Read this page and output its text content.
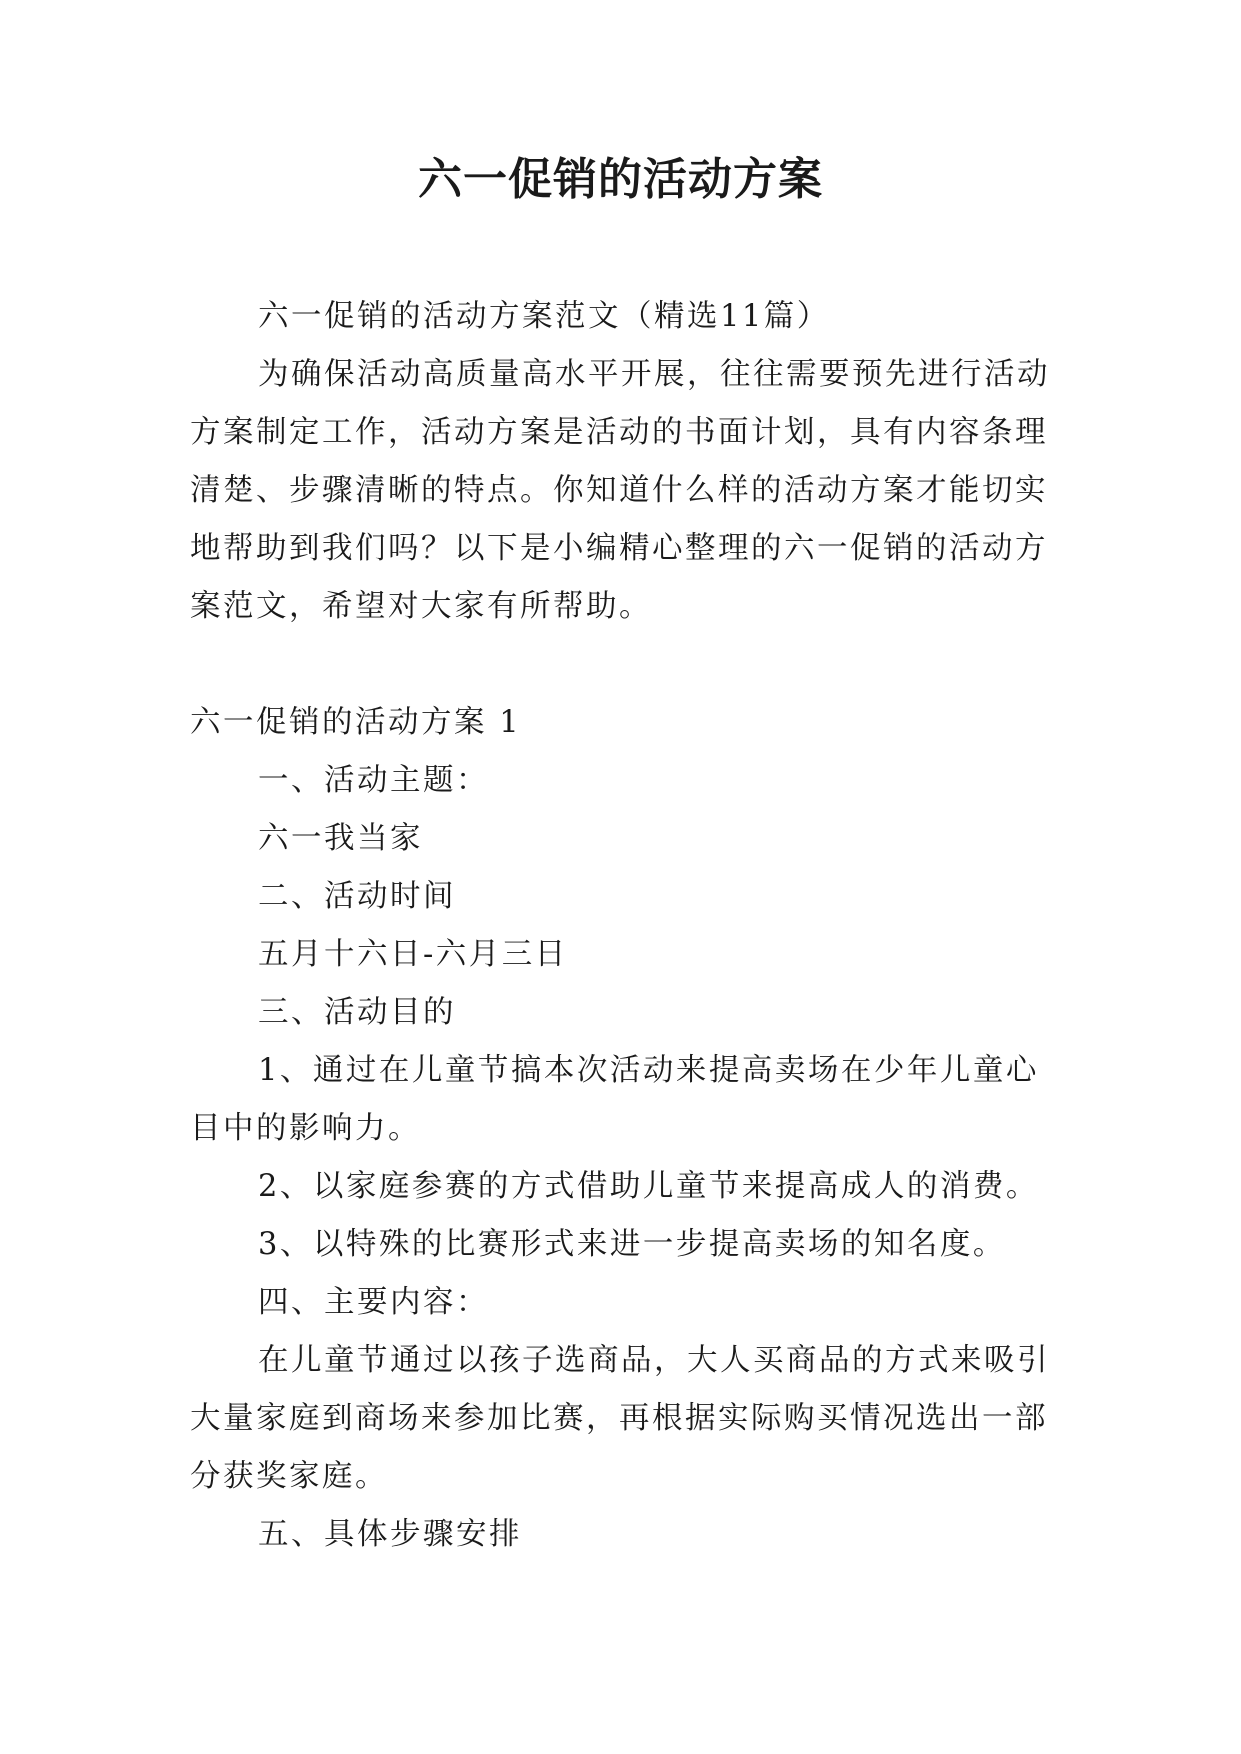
六一促销的活动方案

六一促销的活动方案范文（精选11篇）

为确保活动高质量高水平开展，往往需要预先进行活动方案制定工作，活动方案是活动的书面计划，具有内容条理清楚、步骤清晰的特点。你知道什么样的活动方案才能切实地帮助到我们吗？以下是小编精心整理的六一促销的活动方案范文，希望对大家有所帮助。

六一促销的活动方案 1

一、活动主题：

六一我当家

二、活动时间

五月十六日-六月三日

三、活动目的

1、通过在儿童节搞本次活动来提高卖场在少年儿童心目中的影响力。

2、以家庭参赛的方式借助儿童节来提高成人的消费。

3、以特殊的比赛形式来进一步提高卖场的知名度。

四、主要内容：

在儿童节通过以孩子选商品，大人买商品的方式来吸引大量家庭到商场来参加比赛，再根据实际购买情况选出一部分获奖家庭。

五、具体步骤安排
